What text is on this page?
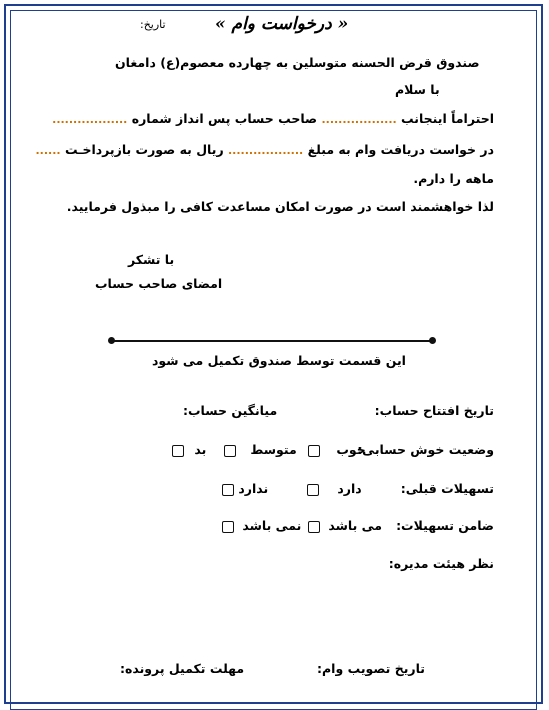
« درخواست وام »
تاریخ:
صندوق قرض الحسنه متوسلین به چهارده معصوم(ع) دامغان
با سلام
احتراماً اینجانب .................. صاحب حساب پس انداز شماره ..................
در خواست دریافت وام به مبلغ .................. ریال به صورت بازپرداخـت ......
ماهه را دارم.
لذا خواهشمند است در صورت امکان مساعدت کافی را مبذول فرمایید.
با تشکر
امضای صاحب حساب
این قسمت توسط صندوق تکمیل می شود
تاریخ افتتاح حساب:
میانگین حساب:
وضعیت خوش حسابی:
خوب
متوسط
بد
تسهیلات قبلی:
دارد
ندارد
ضامن تسهیلات:
می باشد
نمی باشد
نظر هیئت مدیره:
تاریخ تصویب وام:
مهلت تکمیل پرونده:
